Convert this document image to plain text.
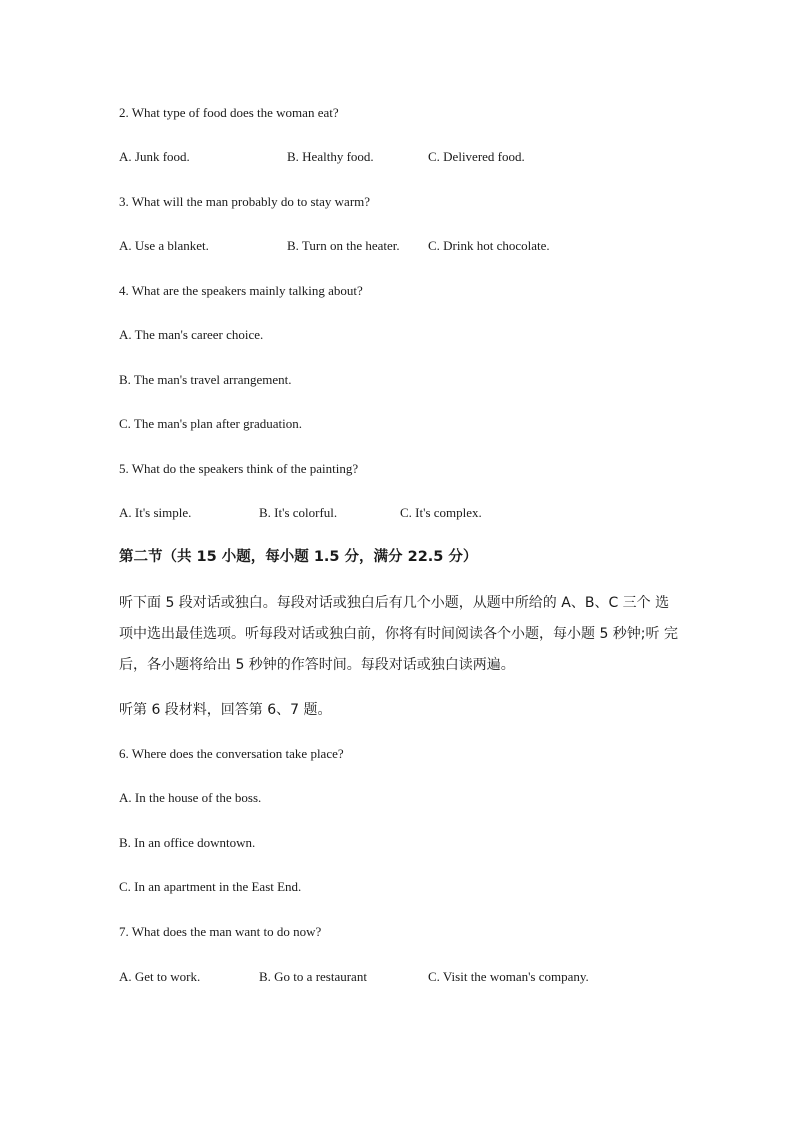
2. What type of food does the woman eat?
A. Junk food.	B. Healthy food.	C. Delivered food.
3. What will the man probably do to stay warm?
A. Use a blanket.	B. Turn on the heater. C. Drink hot chocolate.
4. What are the speakers mainly talking about?
A. The man's career choice.
B. The man's travel arrangement.
C. The man's plan after graduation.
5. What do the speakers think of the painting?
A. It's simple.	B. It's colorful.	C. It's complex.
第二节（共 15 小题，每小题 1.5 分，满分 22.5 分）
听下面 5 段对话或独白。每段对话或独白后有几个小题，从题中所给的 A、B、C 三个 选
项中选出最佳选项。听每段对话或独白前，你将有时间阅读各个小题，每小题 5 秒钟;听 完
后，各小题将给出 5 秒钟的作答时间。每段对话或独白读两遍。
听第 6 段材料，回答第 6、7 题。
6. Where does the conversation take place?
A. In the house of the boss.
B. In an office downtown.
C. In an apartment in the East End.
7. What does the man want to do now?
A. Get to work.	B. Go to a restaurant	C. Visit the woman's company.
